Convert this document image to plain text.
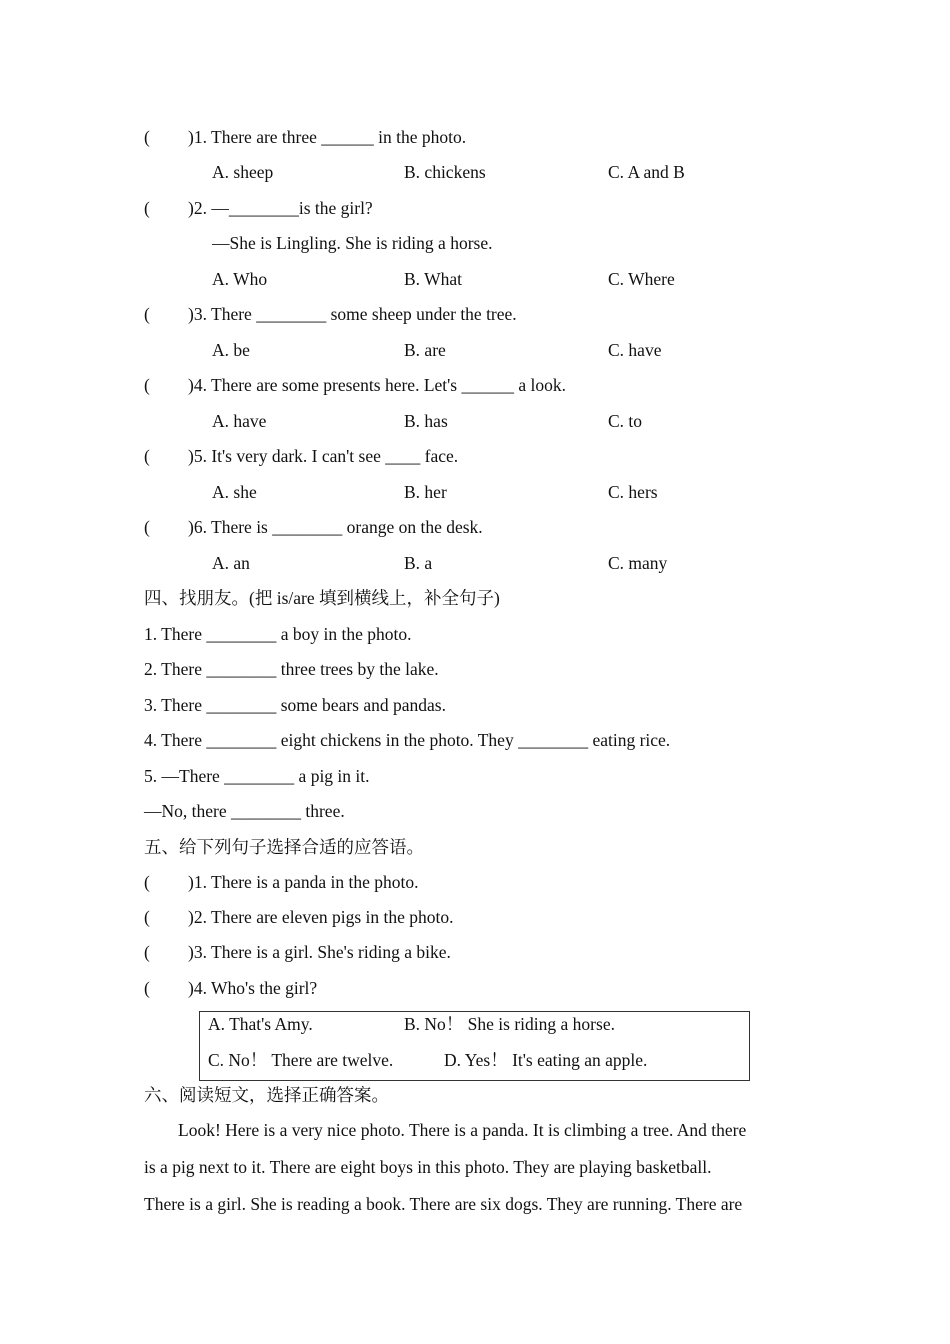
( )1. There are three ______ in the photo.
A. sheep	B. chickens	C. A and B
( )2. —________is the girl?
—She is Lingling. She is riding a horse.
A. Who	B. What	C. Where
( )3. There ________ some sheep under the tree.
A. be	B. are	C. have
( )4. There are some presents here. Let's ______ a look.
A. have	B. has	C. to
( )5. It's very dark. I can't see ____ face.
A. she	B. her	C. hers
( )6. There is ________ orange on the desk.
A. an	B. a	C. many
四、找朋友。(把 is/are 填到横线上，补全句子)
1. There ________ a boy in the photo.
2. There ________ three trees by the lake.
3. There ________ some bears and pandas.
4. There ________ eight chickens in the photo. They ________ eating rice.
5. —There ________ a pig in it.
—No, there ________ three.
五、给下列句子选择合适的应答语。
( )1. There is a panda in the photo.
( )2. There are eleven pigs in the photo.
( )3. There is a girl. She's riding a bike.
( )4. Who's the girl?
A. That's Amy.	B. No！ She is riding a horse.
C. No！ There are twelve.	D. Yes！ It's eating an apple.
六、阅读短文，选择正确答案。
Look! Here is a very nice photo. There is a panda. It is climbing a tree. And there
is a pig next to it. There are eight boys in this photo. They are playing basketball.
There is a girl. She is reading a book. There are six dogs. They are running. There are
